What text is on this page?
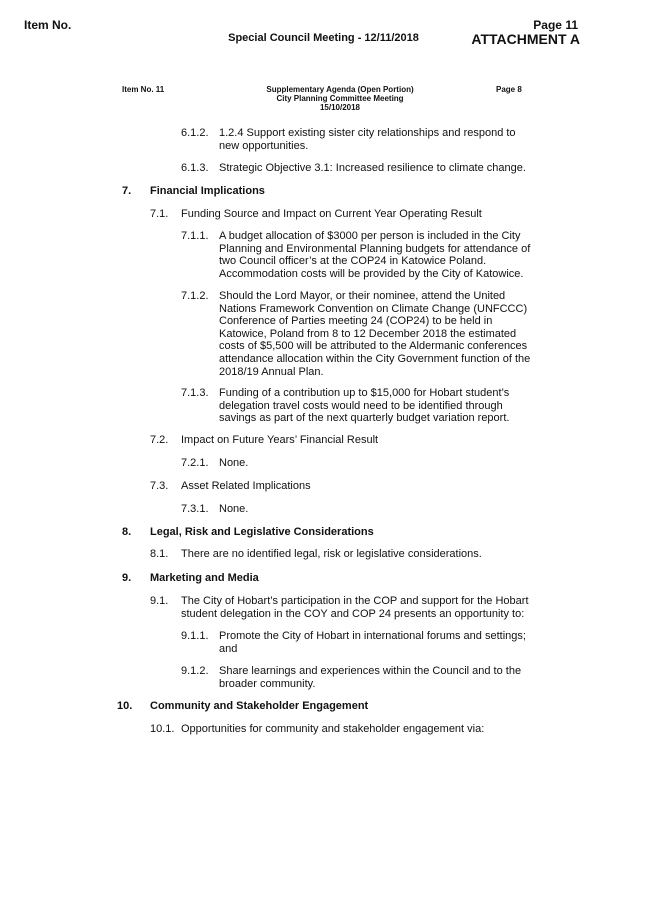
Item No.
Special Council Meeting - 12/11/2018
Page 11
ATTACHMENT A
Item No. 11	Supplementary Agenda (Open Portion)
City Planning Committee Meeting
15/10/2018
Page 8
6.1.2. 1.2.4 Support existing sister city relationships and respond to
new opportunities.
6.1.3. Strategic Objective 3.1: Increased resilience to climate change.
7. Financial Implications
7.1. Funding Source and Impact on Current Year Operating Result
7.1.1. A budget allocation of $3000 per person is included in the City
Planning and Environmental Planning budgets for attendance of
two Council officer’s at the COP24 in Katowice Poland.
Accommodation costs will be provided by the City of Katowice.
7.1.2. Should the Lord Mayor, or their nominee, attend the United
Nations Framework Convention on Climate Change (UNFCCC)
Conference of Parties meeting 24 (COP24) to be held in
Katowice, Poland from 8 to 12 December 2018 the estimated
costs of $5,500 will be attributed to the Aldermanic conferences
attendance allocation within the City Government function of the
2018/19 Annual Plan.
7.1.3. Funding of a contribution up to $15,000 for Hobart student’s
delegation travel costs would need to be identified through
savings as part of the next quarterly budget variation report.
7.2. Impact on Future Years’ Financial Result
7.2.1. None.
7.3. Asset Related Implications
7.3.1. None.
8. Legal, Risk and Legislative Considerations
8.1. There are no identified legal, risk or legislative considerations.
9. Marketing and Media
9.1. The City of Hobart’s participation in the COP and support for the Hobart
student delegation in the COY and COP 24 presents an opportunity to:
9.1.1. Promote the City of Hobart in international forums and settings;
and
9.1.2. Share learnings and experiences within the Council and to the
broader community.
10. Community and Stakeholder Engagement
10.1. Opportunities for community and stakeholder engagement via:
